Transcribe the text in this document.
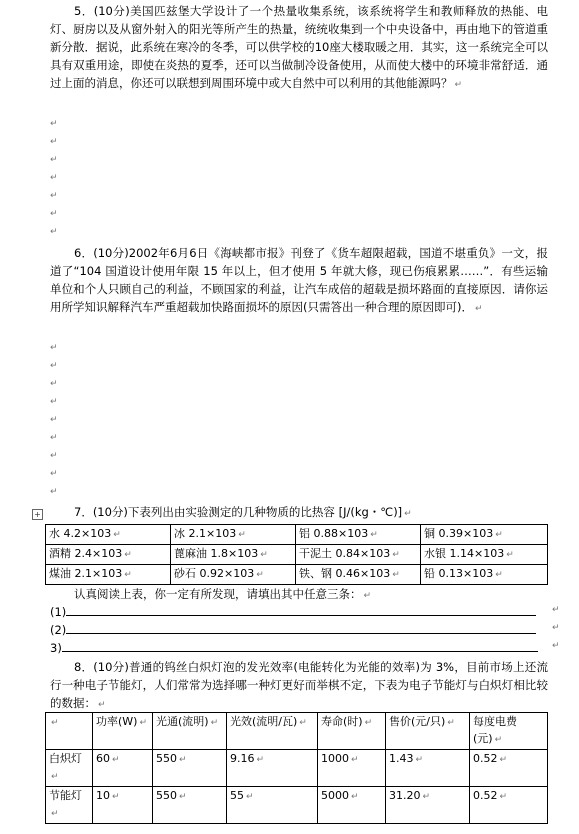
5．(10分)美国匹兹堡大学设计了一个热量收集系统，该系统将学生和教师释放的热能、电灯、厨房以及从窗外射入的阳光等所产生的热量，统统收集到一个中央设备中，再由地下的管道重新分散．据说，此系统在寒冷的冬季，可以供学校的10座大楼取暖之用．其实，这一系统完全可以具有双重用途，即使在炎热的夏季，还可以当做制冷设备使用，从而使大楼中的环境非常舒适．通过上面的消息，你还可以联想到周围环境中或大自然中可以利用的其他能源吗？ ↵

↵
↵
↵
↵
↵
↵
↵

6．(10分)2002年6月6日《海峡都市报》刊登了《货车超限超载，国道不堪重负》一文，报道了“104 国道设计使用年限 15 年以上，但才使用 5 年就大修，现已伤痕累累……”．有些运输单位和个人只顾自己的利益，不顾国家的利益，让汽车成倍的超载是损坏路面的直接原因．请你运用所学知识解释汽车严重超载加快路面损坏的原因(只需答出一种合理的原因即可)． ↵

↵
↵
↵
↵
↵
↵
↵
↵
↵
+	7．(10分)下表列出由实验测定的几种物质的比热容 [J/(kg・℃)] ↵

水 4.2×103 ↵	冰 2.1×103 ↵	铝 0.88×103 ↵	铜 0.39×103 ↵
酒精 2.4×103 ↵	蓖麻油 1.8×103 ↵	干泥土 0.84×103 ↵	水银 1.14×103 ↵
煤油 2.1×103 ↵	砂石 0.92×103 ↵	铁、钢 0.46×103 ↵	铅 0.13×103 ↵

认真阅读上表，你一定有所发现，请填出其中任意三条： ↵

(1)
(2)
3)
↵
↵
↵

8．(10分)普通的钨丝白炽灯泡的发光效率(电能转化为光能的效率)为 3%，目前市场上还流行一种电子节能灯，人们常常为选择哪一种灯更好而举棋不定，下表为电子节能灯与白炽灯相比较的数据： ↵

↵	功率(W) ↵	光通(流明) ↵	光效(流明/瓦) ↵	寿命(时) ↵	售价(元/只) ↵	每度电费(元) ↵
白炽灯↵	60 ↵	550 ↵	9.16 ↵	1000 ↵	1.43 ↵	0.52 ↵
节能灯↵	10 ↵	550 ↵	55 ↵	5000 ↵	31.20 ↵	0.52 ↵
